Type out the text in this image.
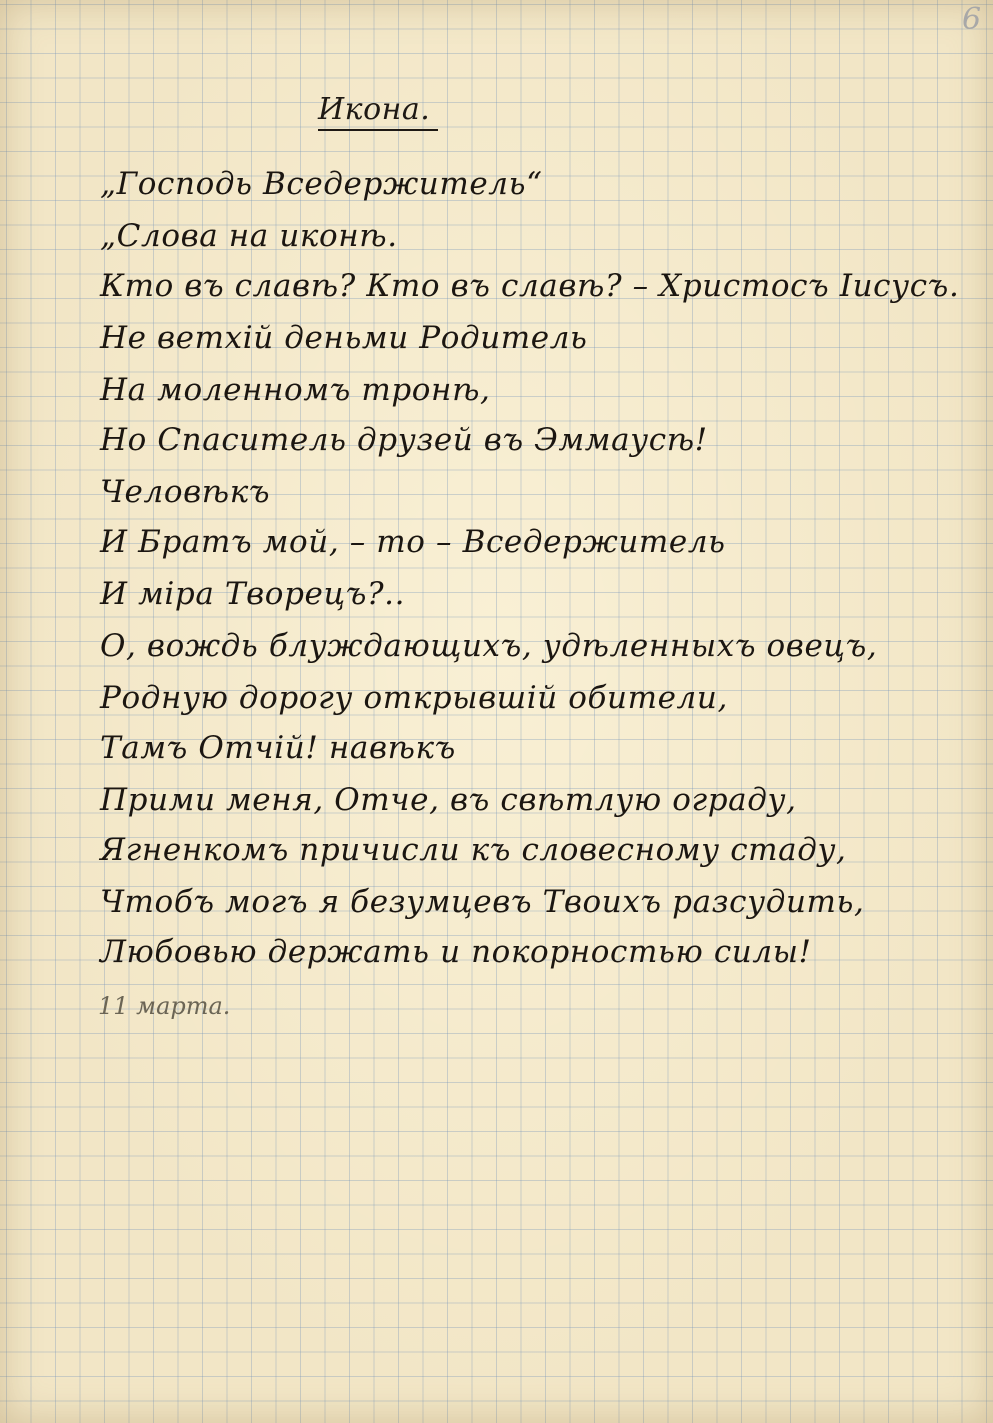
6
Икона.
„Господь Вседержитель“
„Слова на иконѣ.
Кто въ славѣ? Кто въ славѣ? – Христосъ Іисусъ.
Не ветхій деньми Родитель
На моленномъ тронѣ,
Но Спаситель друзей въ Эммаусѣ!
Человѣкъ
И Братъ мой, – то – Вседержитель
И міра Творецъ?..
О, вождь блуждающихъ, удѣленныхъ овецъ,
Родную дорогу открывшій обители,
Тамъ Отчій! навѣкъ
Прими меня, Отче, въ свѣтлую ограду,
Ягненкомъ причисли къ словесному стаду,
Чтобъ могъ я безумцевъ Твоихъ разсудить,
Любовью держать и покорностью силы!
11 марта.
